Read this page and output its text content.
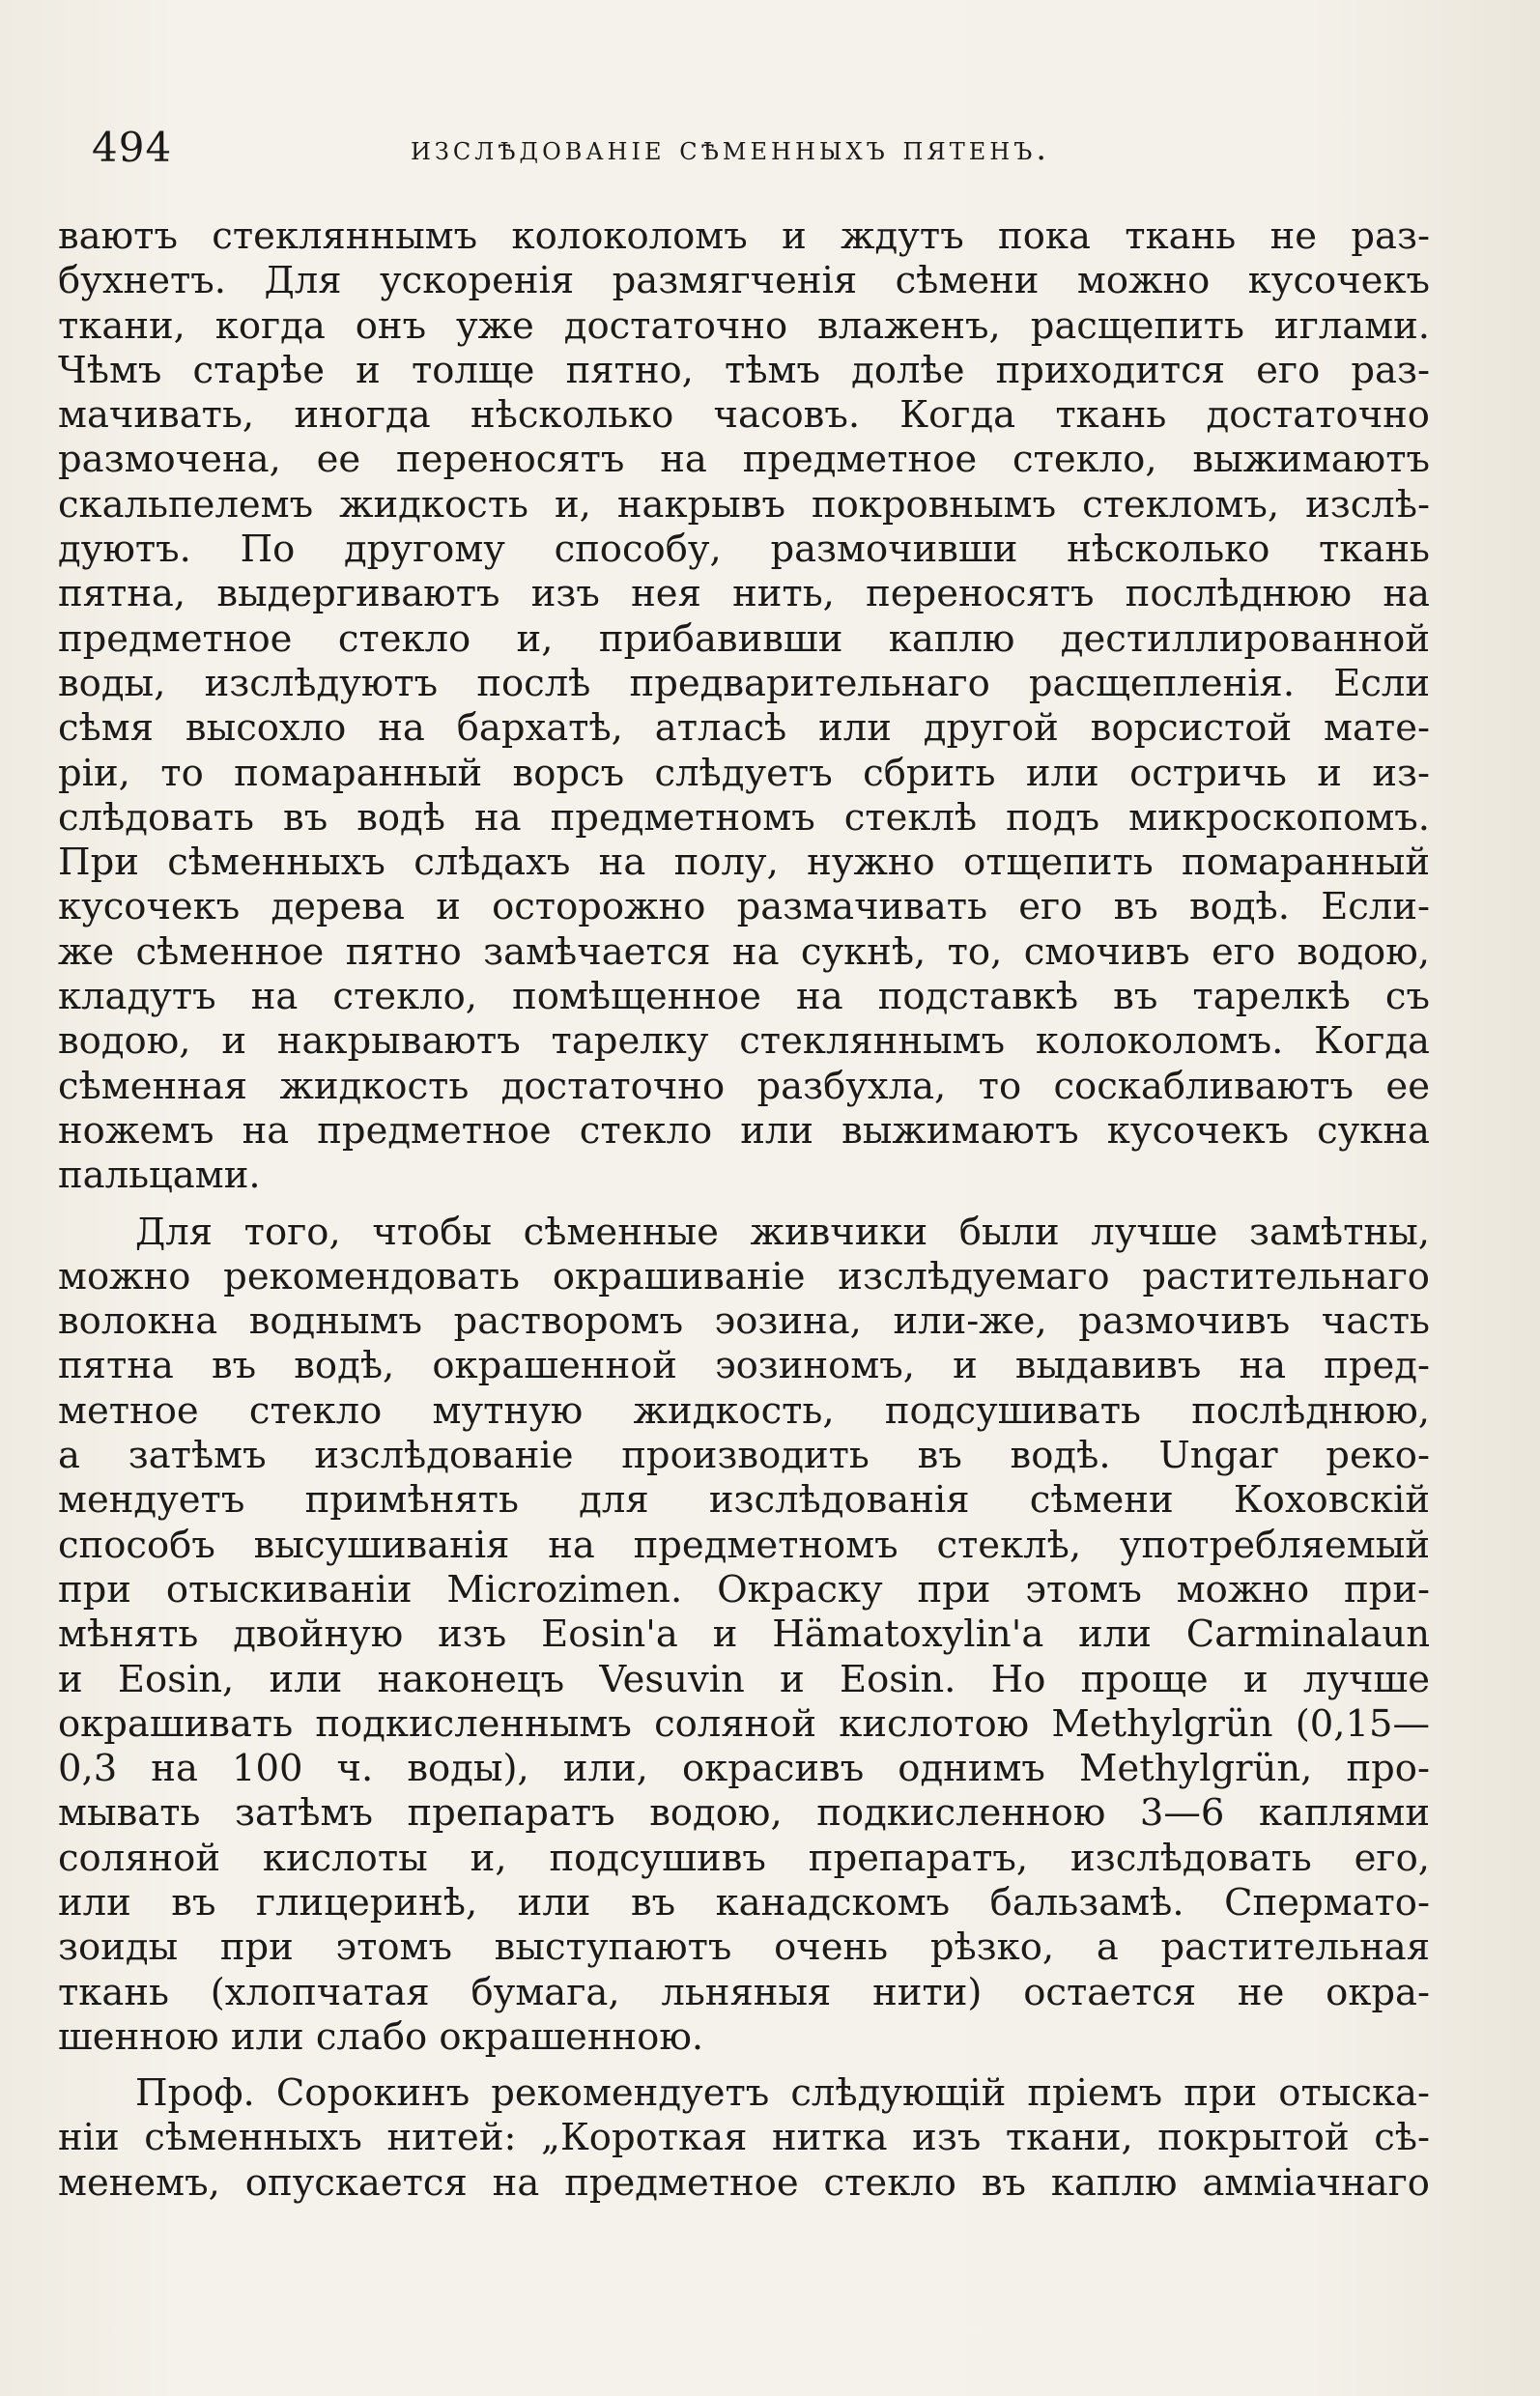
494	изслѣдованіе сѣменныхъ пятенъ.
ваютъ стекляннымъ колоколомъ и ждутъ пока ткань не раз-
бухнетъ. Для ускоренія размягченія сѣмени можно кусочекъ
ткани, когда онъ уже достаточно влаженъ, расщепить иглами.
Чѣмъ старѣе и толще пятно, тѣмъ долѣе приходится его раз-
мачивать, иногда нѣсколько часовъ. Когда ткань достаточно
размочена, ее переносятъ на предметное стекло, выжимаютъ
скальпелемъ жидкость и, накрывъ покровнымъ стекломъ, изслѣ-
дуютъ. По другому способу, размочивши нѣсколько ткань
пятна, выдергиваютъ изъ нея нить, переносятъ послѣднюю на
предметное стекло и, прибавивши каплю дестиллированной
воды, изслѣдуютъ послѣ предварительнаго расщепленія. Если
сѣмя высохло на бархатѣ, атласѣ или другой ворсистой мате-
ріи, то помаранный ворсъ слѣдуетъ сбрить или остричь и из-
слѣдовать въ водѣ на предметномъ стеклѣ подъ микроскопомъ.
При сѣменныхъ слѣдахъ на полу, нужно отщепить помаранный
кусочекъ дерева и осторожно размачивать его въ водѣ. Если-
же сѣменное пятно замѣчается на сукнѣ, то, смочивъ его водою,
кладутъ на стекло, помѣщенное на подставкѣ въ тарелкѣ съ
водою, и накрываютъ тарелку стекляннымъ колоколомъ. Когда
сѣменная жидкость достаточно разбухла, то соскабливаютъ ее
ножемъ на предметное стекло или выжимаютъ кусочекъ сукна
пальцами.
Для того, чтобы сѣменные живчики были лучше замѣтны,
можно рекомендовать окрашиваніе изслѣдуемаго растительнаго
волокна воднымъ растворомъ эозина, или-же, размочивъ часть
пятна въ водѣ, окрашенной эозиномъ, и выдавивъ на пред-
метное стекло мутную жидкость, подсушивать послѣднюю,
а затѣмъ изслѣдованіе производить въ водѣ. Ungar реко-
мендуетъ примѣнять для изслѣдованія сѣмени Коховскій
способъ высушиванія на предметномъ стеклѣ, употребляемый
при отыскиваніи Microzimen. Окраску при этомъ можно при-
мѣнять двойную изъ Eosin'а и Hämatoxylin'а или Carminalaun
и Eosin, или наконецъ Vesuvin и Eosin. Но проще и лучше
окрашивать подкисленнымъ соляной кислотою Methylgrün (0,15—
0,3 на 100 ч. воды), или, окрасивъ однимъ Methylgrün, про-
мывать затѣмъ препаратъ водою, подкисленною 3—6 каплями
соляной кислоты и, подсушивъ препаратъ, изслѣдовать его,
или въ глицеринѣ, или въ канадскомъ бальзамѣ. Спермато-
зоиды при этомъ выступаютъ очень рѣзко, а растительная
ткань (хлопчатая бумага, льняныя нити) остается не окра-
шенною или слабо окрашенною.
Проф. Сорокинъ рекомендуетъ слѣдующій пріемъ при отыска-
ніи сѣменныхъ нитей: „Короткая нитка изъ ткани, покрытой сѣ-
менемъ, опускается на предметное стекло въ каплю амміачнаго
